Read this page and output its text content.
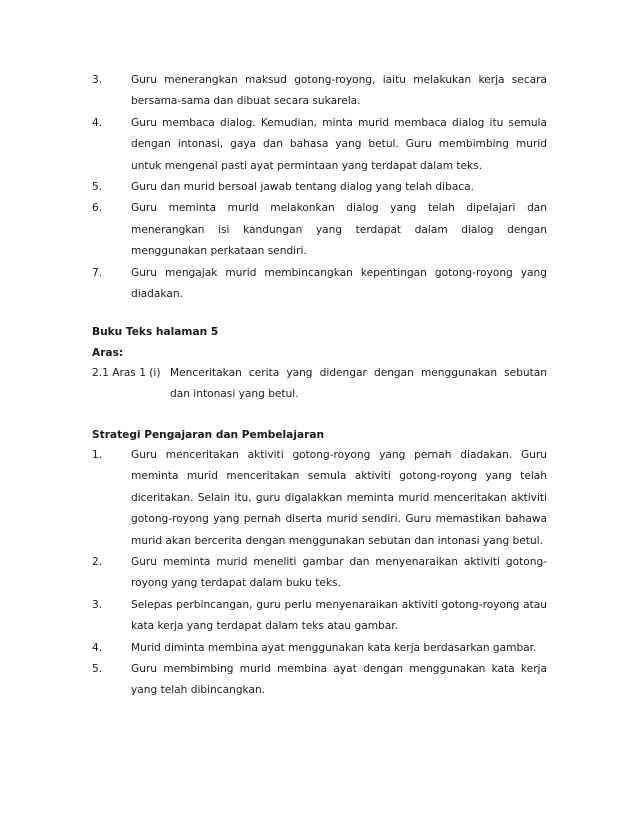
3.	Guru menerangkan maksud gotong-royong, iaitu melakukan kerja secara bersama-sama dan dibuat secara sukarela.
4.	Guru membaca dialog. Kemudian, minta murid membaca dialog itu semula dengan intonasi, gaya dan bahasa yang betul. Guru membimbing murid untuk mengenal pasti ayat permintaan yang terdapat dalam teks.
5.	Guru dan murid bersoal jawab tentang dialog yang telah dibaca.
6.	Guru meminta murid melakonkan dialog yang telah dipelajari dan menerangkan isi kandungan yang terdapat dalam dialog dengan menggunakan perkataan sendiri.
7.	Guru mengajak murid membincangkan kepentingan gotong-royong yang diadakan.
Buku Teks halaman 5
Aras:
2.1 Aras 1 (i) Menceritakan cerita yang didengar dengan menggunakan sebutan dan intonasi yang betul.
Strategi Pengajaran dan Pembelajaran
1.	Guru menceritakan aktiviti gotong-royong yang pernah diadakan. Guru meminta murid menceritakan semula aktiviti gotong-royong yang telah diceritakan. Selain itu, guru digalakkan meminta murid menceritakan aktiviti gotong-royong yang pernah diserta murid sendiri. Guru memastikan bahawa murid akan bercerita dengan menggunakan sebutan dan intonasi yang betul.
2.	Guru meminta murid meneliti gambar dan menyenaraikan aktiviti gotong-royong yang terdapat dalam buku teks.
3.	Selepas perbincangan, guru perlu menyenaraikan aktiviti gotong-royong atau kata kerja yang terdapat dalam teks atau gambar.
4.	Murid diminta membina ayat menggunakan kata kerja berdasarkan gambar.
5.	Guru membimbing murid membina ayat dengan menggunakan kata kerja yang telah dibincangkan.
